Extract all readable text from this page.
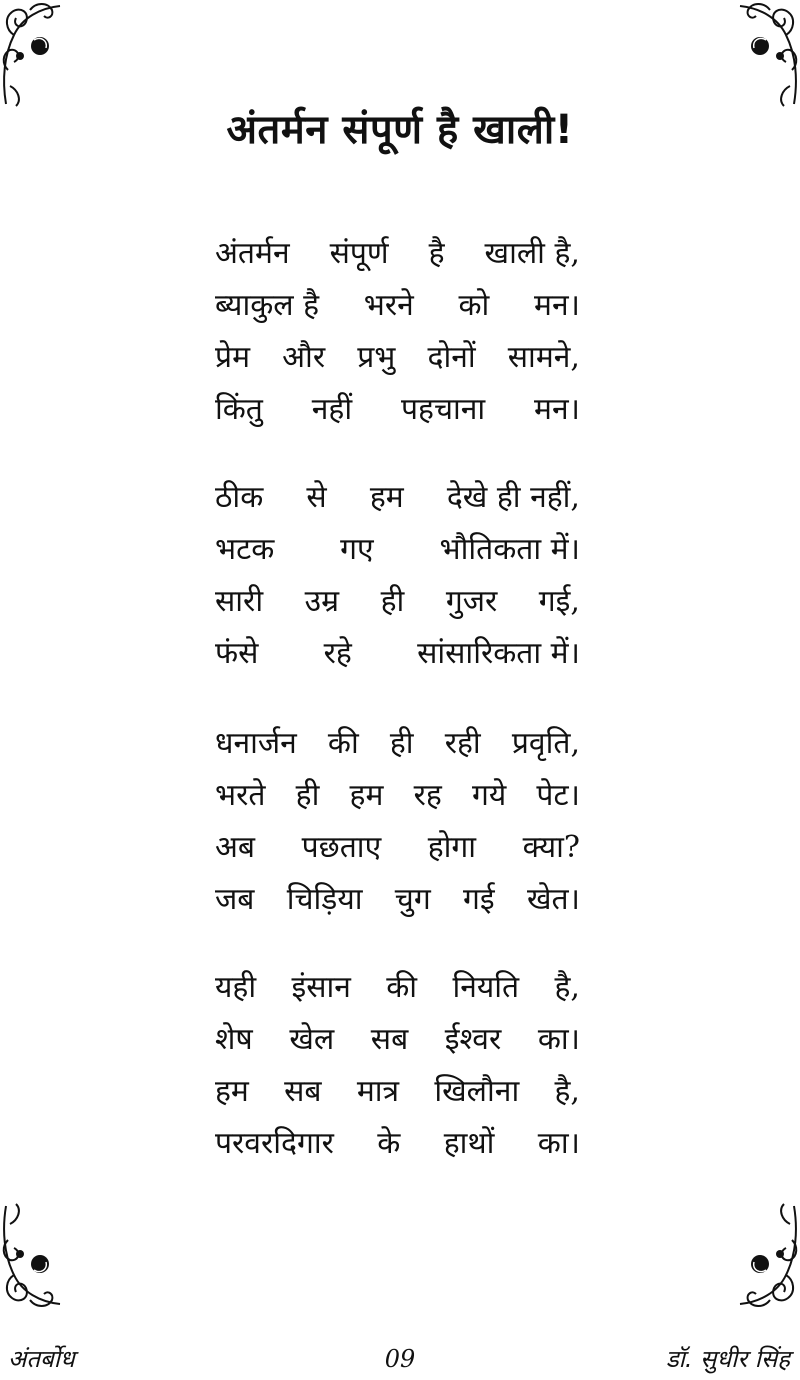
अंतर्मन संपूर्ण है खाली!
अंतर्मन संपूर्ण है खाली है,
ब्याकुल है भरने को मन।
प्रेम और प्रभु दोनों सामने,
किंतु नहीं पहचाना मन।
ठीक से हम देखे ही नहीं,
भटक गए भौतिकता में।
सारी उम्र ही गुजर गई,
फंसे रहे सांसारिकता में।
धनार्जन की ही रही प्रवृति,
भरते ही हम रह गये पेट।
अब पछताए होगा क्या?
जब चिड़िया चुग गई खेत।
यही इंसान की नियति है,
शेष खेल सब ईश्वर का।
हम सब मात्र खिलौना है,
परवरदिगार के हाथों का।
अंतर्बोध	09	डॉ. सुधीर सिंह
